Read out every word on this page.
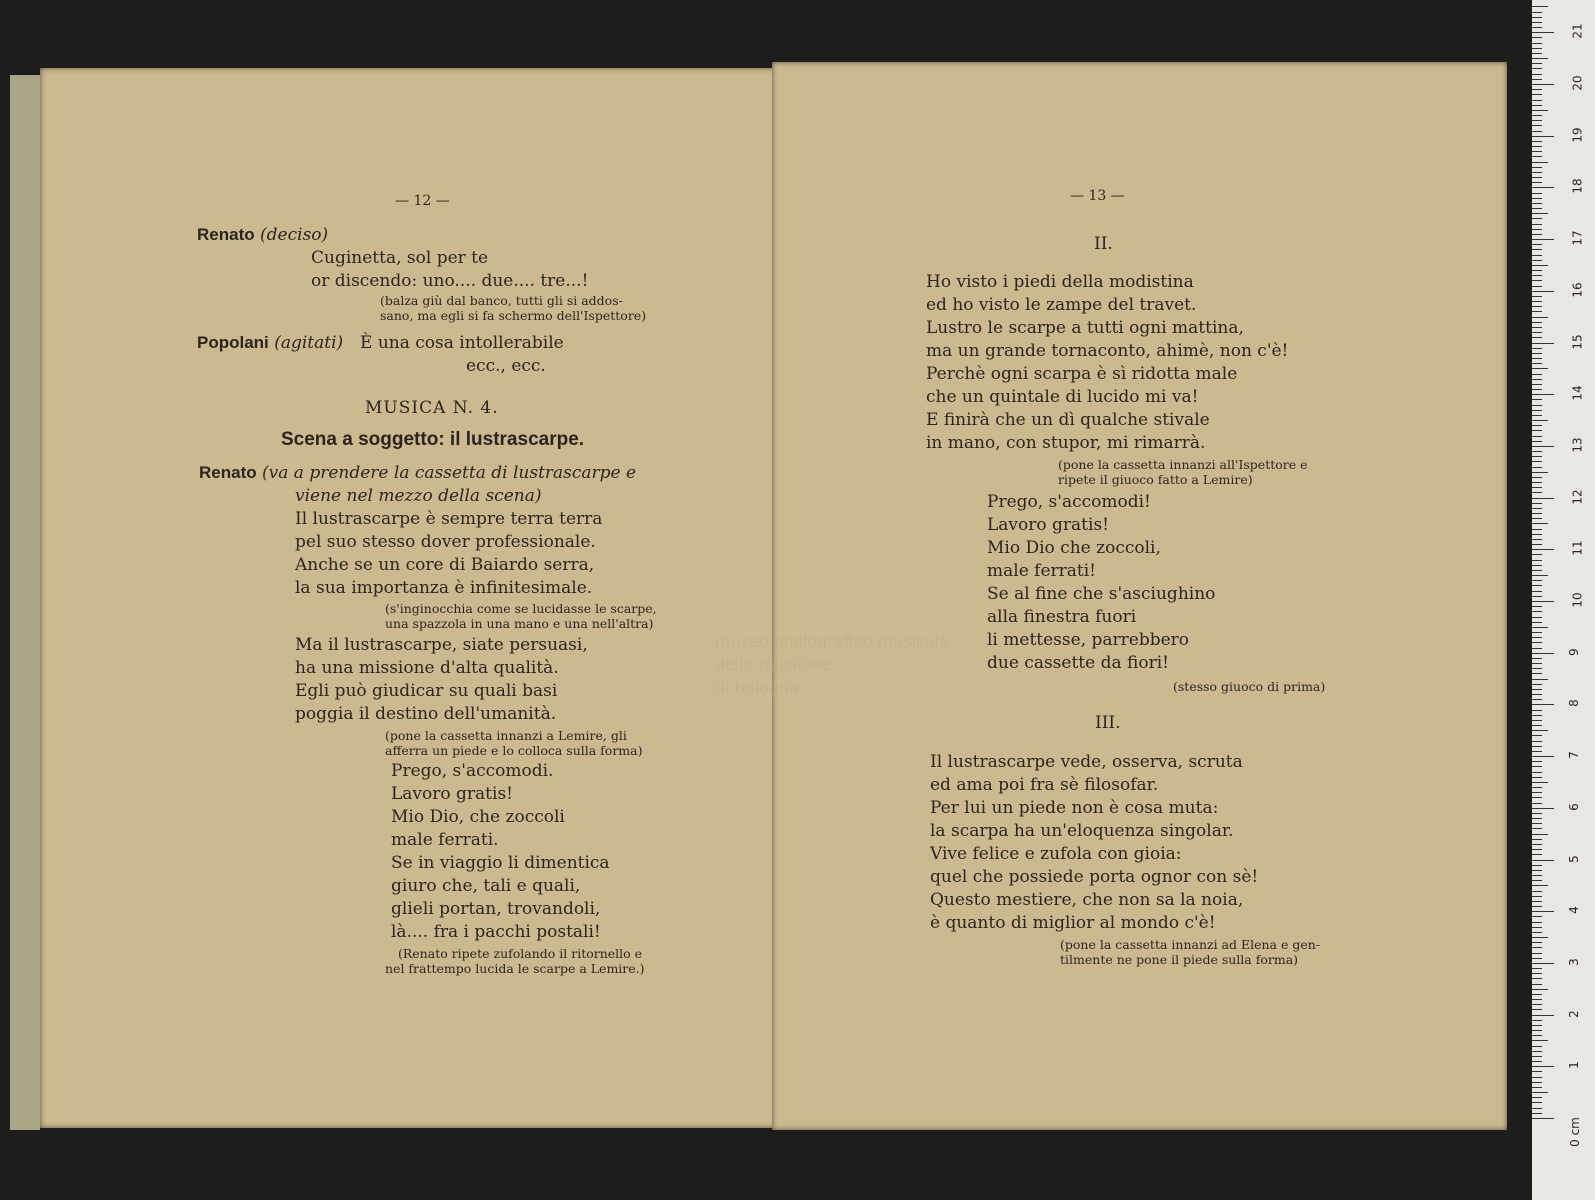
— 12 —
Renato (deciso)
Cuginetta, sol per te
or discendo: uno.... due.... tre...!
(balza giù dal banco, tutti gli si addos-
sano, ma egli si fa schermo dell'Ispettore)
Popolani (agitati) È una cosa intollerabile
ecc., ecc.
MUSICA N. 4.
Scena a soggetto: il lustrascarpe.
Renato (va a prendere la cassetta di lustrascarpe e
viene nel mezzo della scena)
Il lustrascarpe è sempre terra terra
pel suo stesso dover professionale.
Anche se un core di Baiardo serra,
la sua importanza è infinitesimale.
(s'inginocchia come se lucidasse le scarpe,
una spazzola in una mano e una nell'altra)
Ma il lustrascarpe, siate persuasi,
ha una missione d'alta qualità.
Egli può giudicar su quali basi
poggia il destino dell'umanità.
(pone la cassetta innanzi a Lemire, gli
afferra un piede e lo colloca sulla forma)
Prego, s'accomodi.
Lavoro gratis!
Mio Dio, che zoccoli
male ferrati.
Se in viaggio li dimentica
giuro che, tali e quali,
glieli portan, trovandoli,
là.... fra i pacchi postali!
(Renato ripete zufolando il ritornello e
nel frattempo lucida le scarpe a Lemire.)
— 13 —
II.
Ho visto i piedi della modistina
ed ho visto le zampe del travet.
Lustro le scarpe a tutti ogni mattina,
ma un grande tornaconto, ahimè, non c'è!
Perchè ogni scarpa è sì ridotta male
che un quintale di lucido mi va!
E finirà che un dì qualche stivale
in mano, con stupor, mi rimarrà.
(pone la cassetta innanzi all'Ispettore e
ripete il giuoco fatto a Lemire)
Prego, s'accomodi!
Lavoro gratis!
Mio Dio che zoccoli,
male ferrati!
Se al fine che s'asciughino
alla finestra fuori
li mettesse, parrebbero
due cassette da fiori!
(stesso giuoco di prima)
III.
Il lustrascarpe vede, osserva, scruta
ed ama poi fra sè filosofar.
Per lui un piede non è cosa muta:
la scarpa ha un'eloquenza singolar.
Vive felice e zufola con gioia:
quel che possiede porta ognor con sè!
Questo mestiere, che non sa la noia,
è quanto di miglior al mondo c'è!
(pone la cassetta innanzi ad Elena e gen-
tilmente ne pone il piede sulla forma)
museo bibliografico musicale
dello musicale
di bologna
0 cm
1
2
3
4
5
6
7
8
9
10
11
12
13
14
15
16
17
18
19
20
21
